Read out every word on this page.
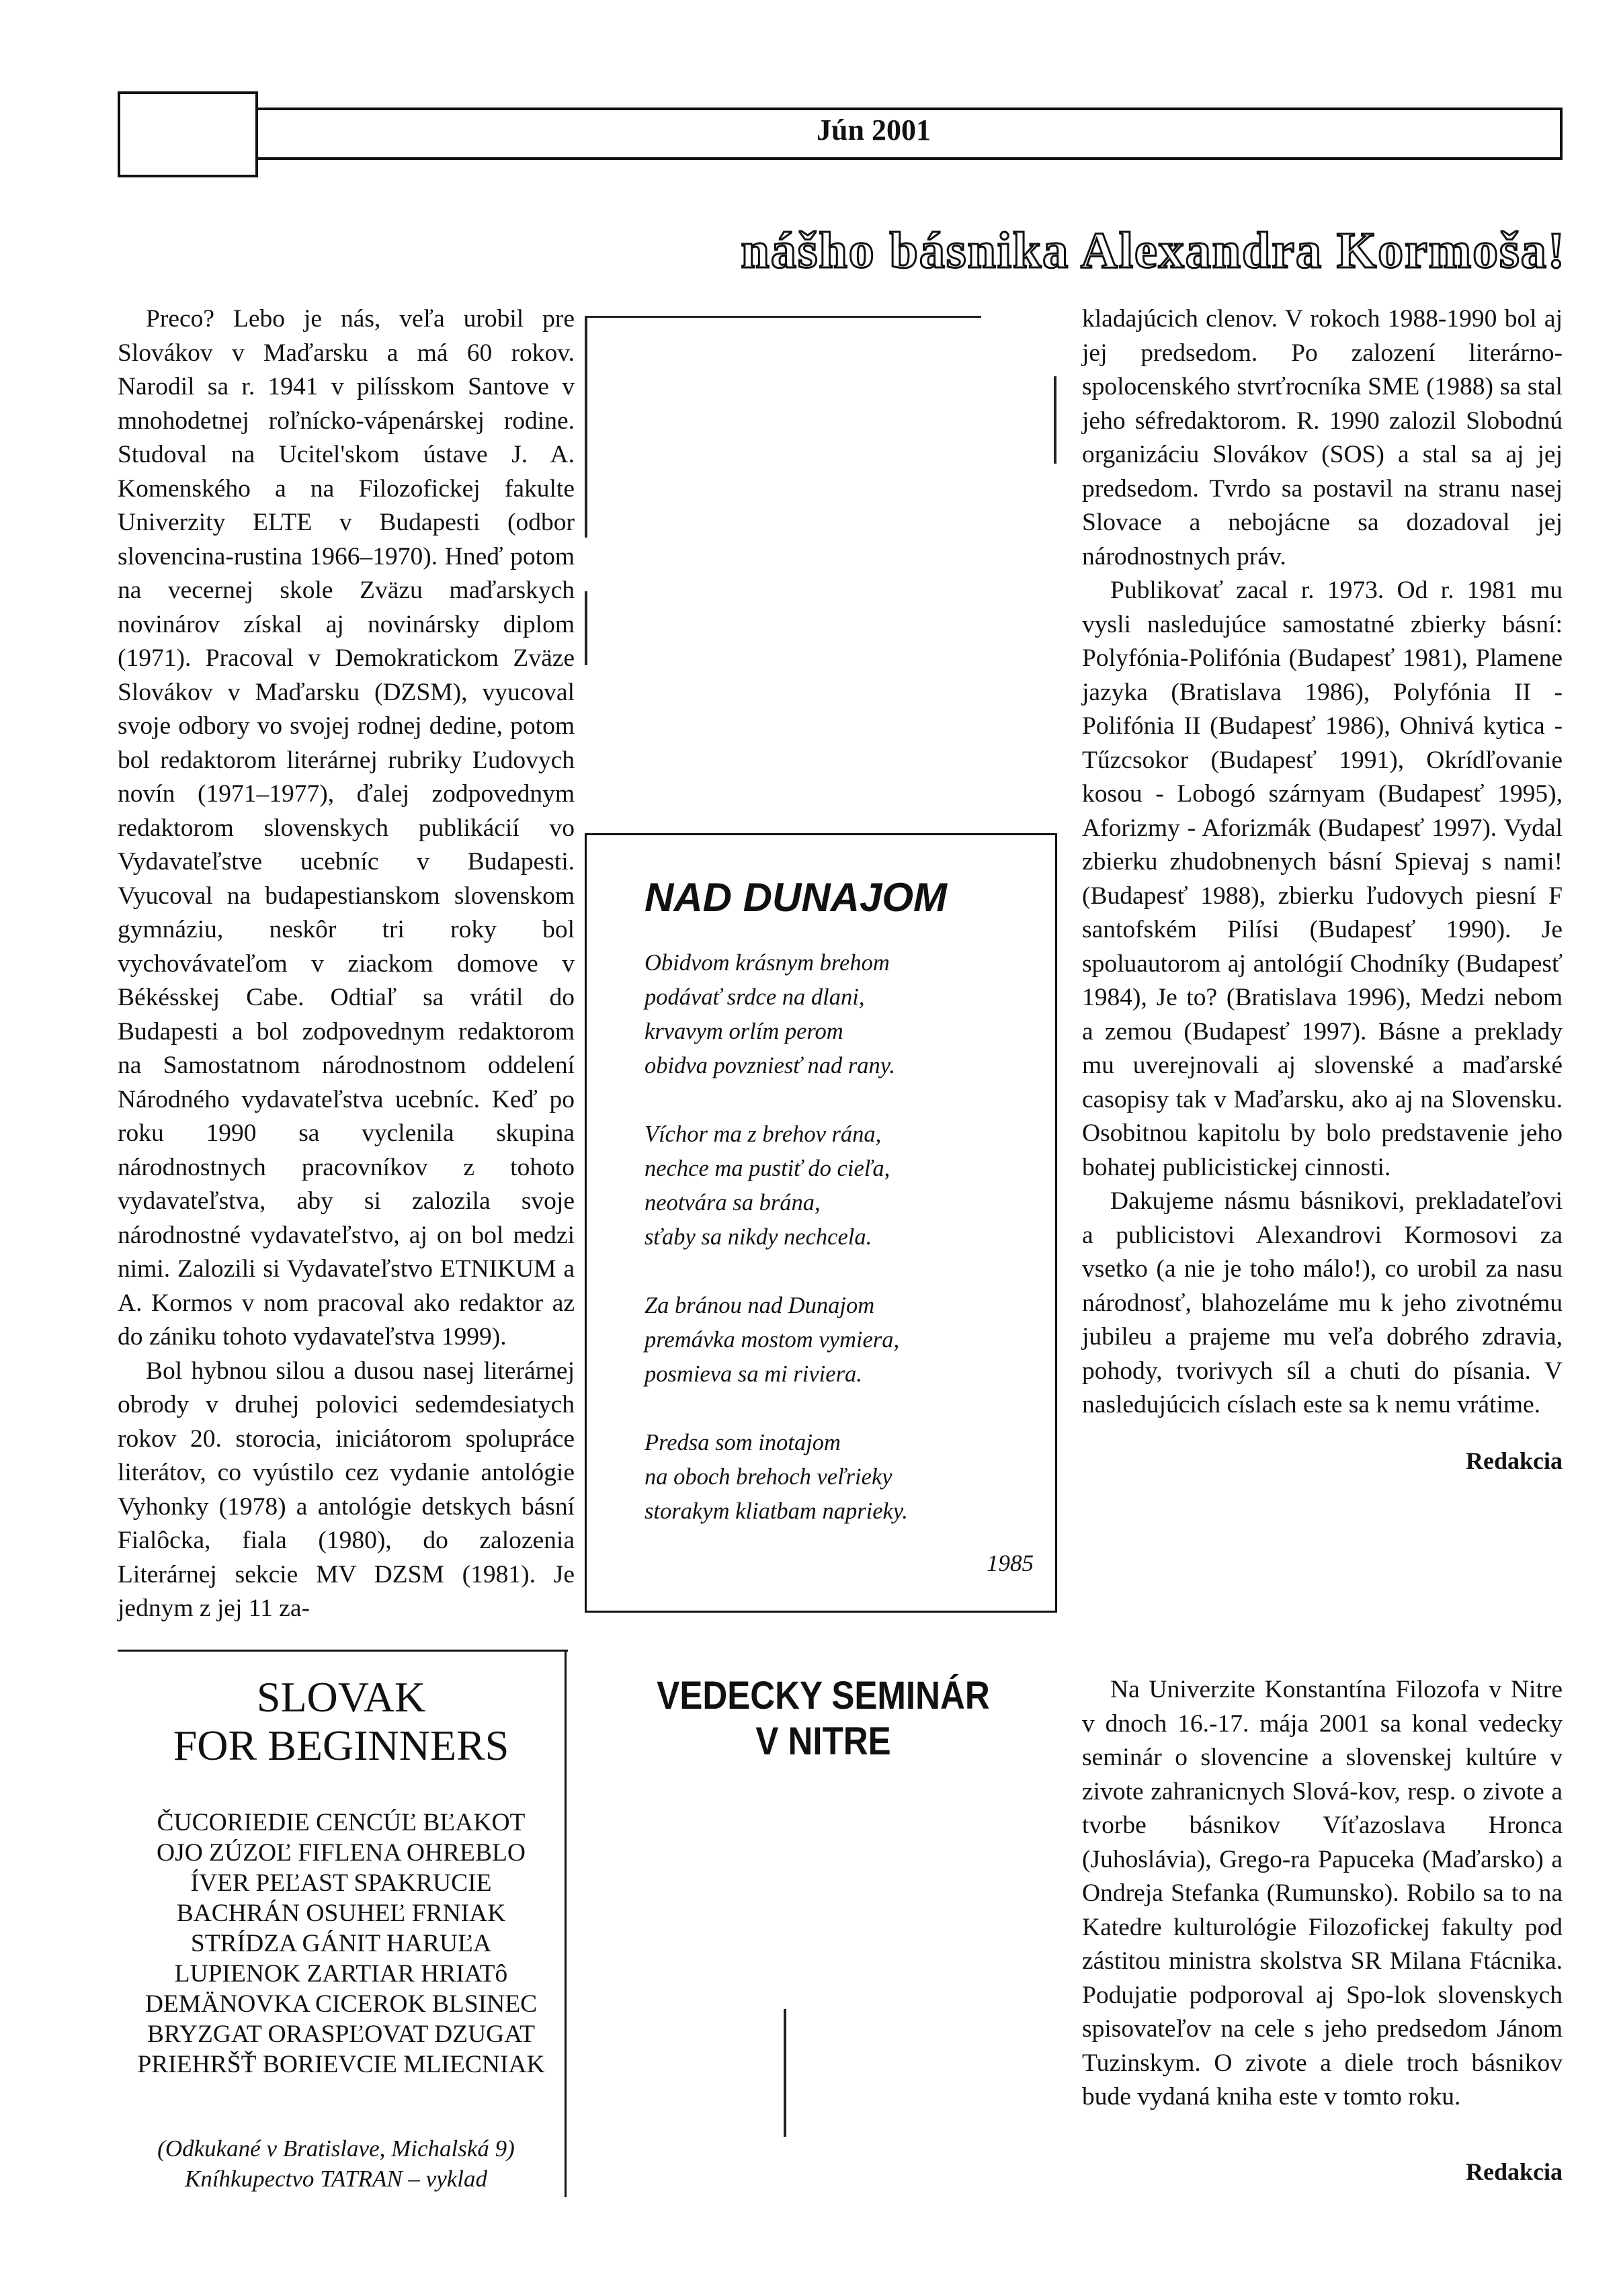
Jún 2001
nášho básnika Alexandra Kormoša!

Preco? Lebo je nás, veľa urobil pre Slovákov v Maďarsku a má 60 rokov. Narodil sa r. 1941 v pilísskom Santove v mnohodetnej roľnícko-vápenárskej rodine. Studoval na Ucitel'skom ústave J. A. Komenského a na Filozofickej fakulte Univerzity ELTE v Budapesti (odbor slovencina-rustina 1966–1970). Hneď potom na vecernej skole Zväzu maďarskych novinárov získal aj novinársky diplom (1971). Pracoval v Demokratickom Zväze Slovákov v Maďarsku (DZSM), vyucoval svoje odbory vo svojej rodnej dedine, potom bol redaktorom literárnej rubriky Ľudovych novín (1971–1977), ďalej zodpovednym redaktorom slovenskych publikácií vo Vydavateľstve ucebníc v Budapesti. Vyucoval na budapestianskom slovenskom gymnáziu, neskôr tri roky bol vychovávateľom v ziackom domove v Békésskej Cabe. Odtiaľ sa vrátil do Budapesti a bol zodpovednym redaktorom na Samostatnom národnostnom oddelení Národného vydavateľstva ucebníc. Keď po roku 1990 sa vyclenila skupina národnostnych pracovníkov z tohoto vydavateľstva, aby si zalozila svoje národnostné vydavateľstvo, aj on bol medzi nimi. Zalozili si Vydavateľstvo ETNIKUM a A. Kormos v nom pracoval ako redaktor az do zániku tohoto vydavateľstva 1999).

Bol hybnou silou a dusou nasej literárnej obrody v druhej polovici sedemdesiatych rokov 20. storocia, iniciátorom spolupráce literátov, co vyústilo cez vydanie antológie Vyhonky (1978) a antológie detskych básní Fialôcka, fiala (1980), do zalozenia Literárnej sekcie MV DZSM (1981). Je jednym z jej 11 za-

NAD DUNAJOM
Obidvom krásnym brehom
podávať srdce na dlani,
krvavym orlím perom
obidva povzniesť nad rany.
Víchor ma z brehov rána,
nechce ma pustiť do cieľa,
neotvára sa brána,
sťaby sa nikdy nechcela.
Za bránou nad Dunajom
premávka mostom vymiera,
posmieva sa mi riviera.
Predsa som inotajom
na oboch brehoch veľrieky
storakym kliatbam naprieky.
1985

kladajúcich clenov. V rokoch 1988-1990 bol aj jej predsedom. Po zalození literárno-spolocenského stvrťrocníka SME (1988) sa stal jeho séfredaktorom. R. 1990 zalozil Slobodnú organizáciu Slovákov (SOS) a stal sa aj jej predsedom. Tvrdo sa postavil na stranu nasej Slovace a nebojácne sa dozadoval jej národnostnych práv.

Publikovať zacal r. 1973. Od r. 1981 mu vysli nasledujúce samostatné zbierky básní: Polyfónia-Polifónia (Budapesť 1981), Plamene jazyka (Bratislava 1986), Polyfónia II - Polifónia II (Budapesť 1986), Ohnivá kytica - Tűzcsokor (Budapesť 1991), Okrídľovanie kosou - Lobogó szárnyam (Budapesť 1995), Aforizmy - Aforizmák (Budapesť 1997). Vydal zbierku zhudobnenych básní Spievaj s nami! (Budapesť 1988), zbierku ľudovych piesní F santofském Pilísi (Budapesť 1990). Je spoluautorom aj antológií Chodníky (Budapesť 1984), Je to? (Bratislava 1996), Medzi nebom a zemou (Budapesť 1997). Básne a preklady mu uverejnovali aj slovenské a maďarské casopisy tak v Maďarsku, ako aj na Slovensku. Osobitnou kapitolu by bolo predstavenie jeho bohatej publicistickej cinnosti.

Dakujeme násmu básnikovi, prekladateľovi a publicistovi Alexandrovi Kormosovi za vsetko (a nie je toho málo!), co urobil za nasu národnosť, blahozeláme mu k jeho zivotnému jubileu a prajeme mu veľa dobrého zdravia, pohody, tvorivych síl a chuti do písania. V nasledujúcich císlach este sa k nemu vrátime.

Redakcia
SLOVAK
FOR BEGINNERS
ČUCORIEDIE CENCÚĽ BĽAKOT
OJO ZÚZOĽ FIFLENA OHREBLO
ÍVER PEĽAST SPAKRUCIE
BACHRÁN OSUHEĽ FRNIAK
STRÍDZA GÁNIT HARUĽA
LUPIENOK ZARTIAR HRIATô
DEMÄNOVKA CICEROK BLSINEC
BRYZGAT ORASPĽOVAT DZUGAT
PRIEHRŠŤ BORIEVCIE MLIECNIAK
(Odkukané v Bratislave, Michalská 9)
Kníhkupectvo TATRAN – vyklad
VEDECKY SEMINÁR
V NITRE

Na Univerzite Konstantína Filozofa v Nitre v dnoch 16.-17. mája 2001 sa konal vedecky seminár o slovencine a slovenskej kultúre v zivote zahranicnych Slová-kov, resp. o zivote a tvorbe básnikov Víťazoslava Hronca (Juhoslávia), Grego-ra Papuceka (Maďarsko) a Ondreja Stefanka (Rumunsko). Robilo sa to na Katedre kulturológie Filozofickej fakulty pod zástitou ministra skolstva SR Milana Ftácnika. Podujatie podporoval aj Spo-lok slovenskych spisovateľov na cele s jeho predsedom Jánom Tuzinskym. O zivote a diele troch básnikov bude vydaná kniha este v tomto roku.

Redakcia
